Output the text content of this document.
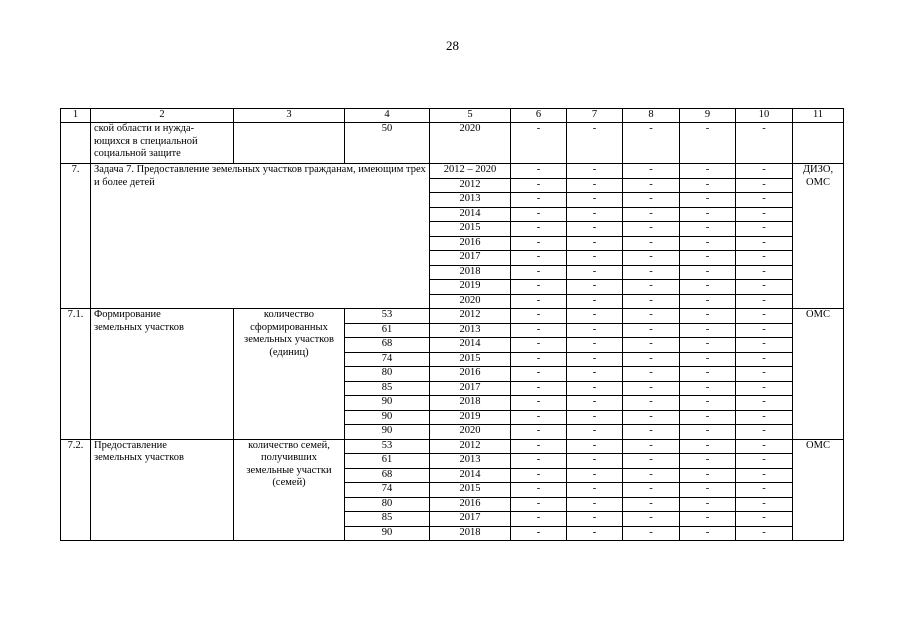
28
1	2	3	4	5	6	7	8	9	10	11
	ской области и нужда-
ющихся в специальной
социальной защите		50	2020	-	-	-	-	-	
7.	Задача 7. Предоставление земельных участков гражданам, имеющим трех и более детей			2012 – 2020	-	-	-	-	-	ДИЗО,
ОМС
				2012	-	-	-	-	-	
				2013	-	-	-	-	-	
				2014	-	-	-	-	-	
				2015	-	-	-	-	-	
				2016	-	-	-	-	-	
				2017	-	-	-	-	-	
				2018	-	-	-	-	-	
				2019	-	-	-	-	-	
				2020	-	-	-	-	-	
7.1.	Формирование
земельных участков	количество
сформированных
земельных участков
(единиц)	53	2012	-	-	-	-	-	ОМС
			61	2013	-	-	-	-	-	
			68	2014	-	-	-	-	-	
			74	2015	-	-	-	-	-	
			80	2016	-	-	-	-	-	
			85	2017	-	-	-	-	-	
			90	2018	-	-	-	-	-	
			90	2019	-	-	-	-	-	
			90	2020	-	-	-	-	-	
7.2.	Предоставление
земельных участков	количество семей,
получивших
земельные участки
(семей)	53	2012	-	-	-	-	-	ОМС
			61	2013	-	-	-	-	-	
			68	2014	-	-	-	-	-	
			74	2015	-	-	-	-	-	
			80	2016	-	-	-	-	-	
			85	2017	-	-	-	-	-	
			90	2018	-	-	-	-	-	
